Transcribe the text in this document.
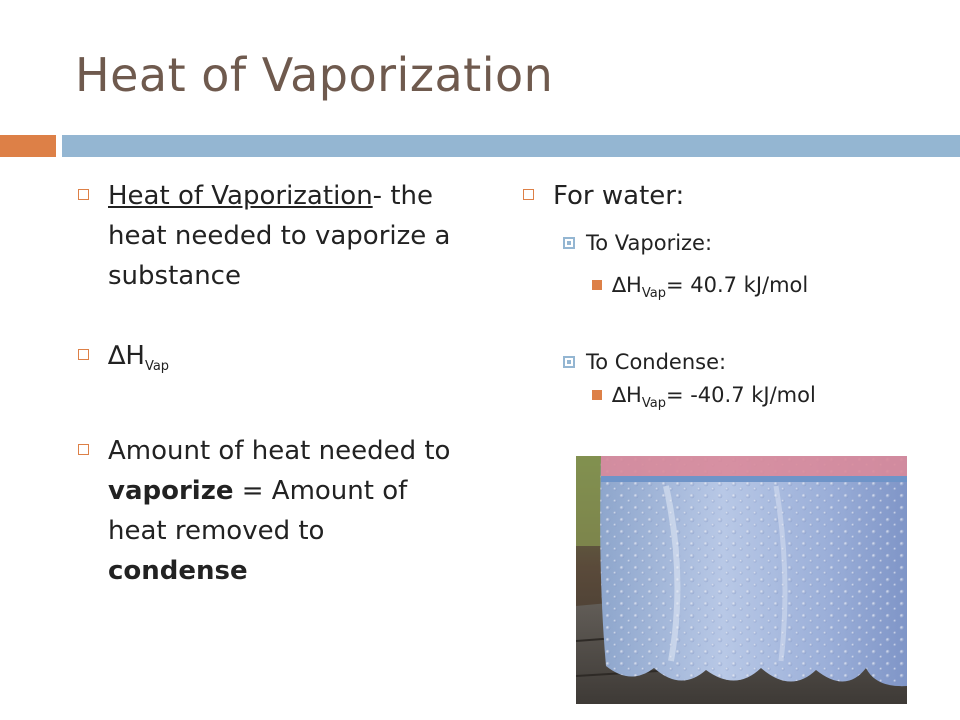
Heat of Vaporization
Heat of Vaporization- the heat needed to vaporize a substance
$\Delta H_{Vap}$
Amount of heat needed to vaporize = Amount of heat removed to condense
For water:
To Vaporize:
$\Delta H_{Vap}= 40.7$ kJ/mol
To Condense:
$\Delta H_{Vap}= -40.7$ kJ/mol
